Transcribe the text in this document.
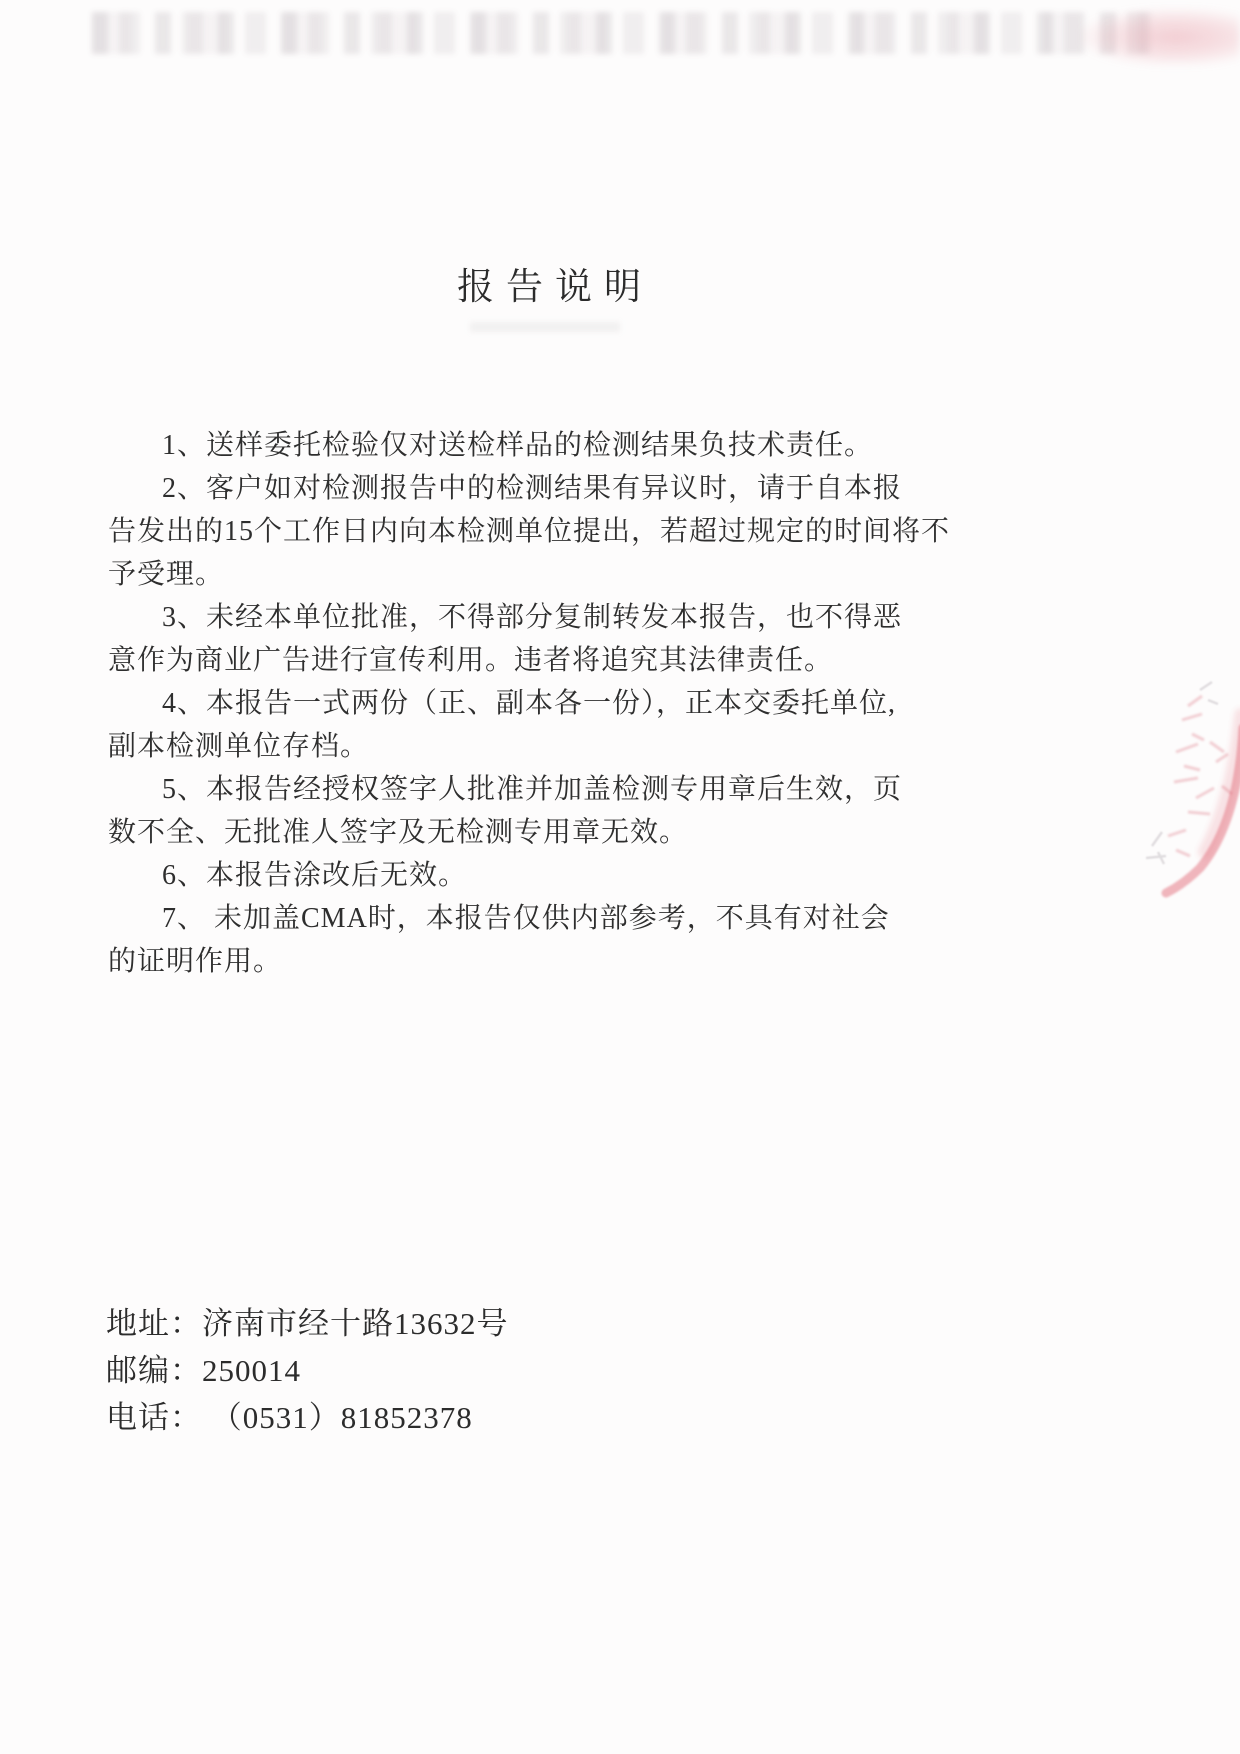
报告说明
1、送样委托检验仅对送检样品的检测结果负技术责任。
2、客户如对检测报告中的检测结果有异议时，请于自本报
告发出的15个工作日内向本检测单位提出，若超过规定的时间将不
予受理。
3、未经本单位批准，不得部分复制转发本报告，也不得恶
意作为商业广告进行宣传利用。违者将追究其法律责任。
4、本报告一式两份（正、副本各一份），正本交委托单位,
副本检测单位存档。
5、本报告经授权签字人批准并加盖检测专用章后生效，页
数不全、无批准人签字及无检测专用章无效。
6、本报告涂改后无效。
7、 未加盖CMA时，本报告仅供内部参考，不具有对社会
的证明作用。
地址：济南市经十路13632号
邮编：250014
电话： （0531）81852378
